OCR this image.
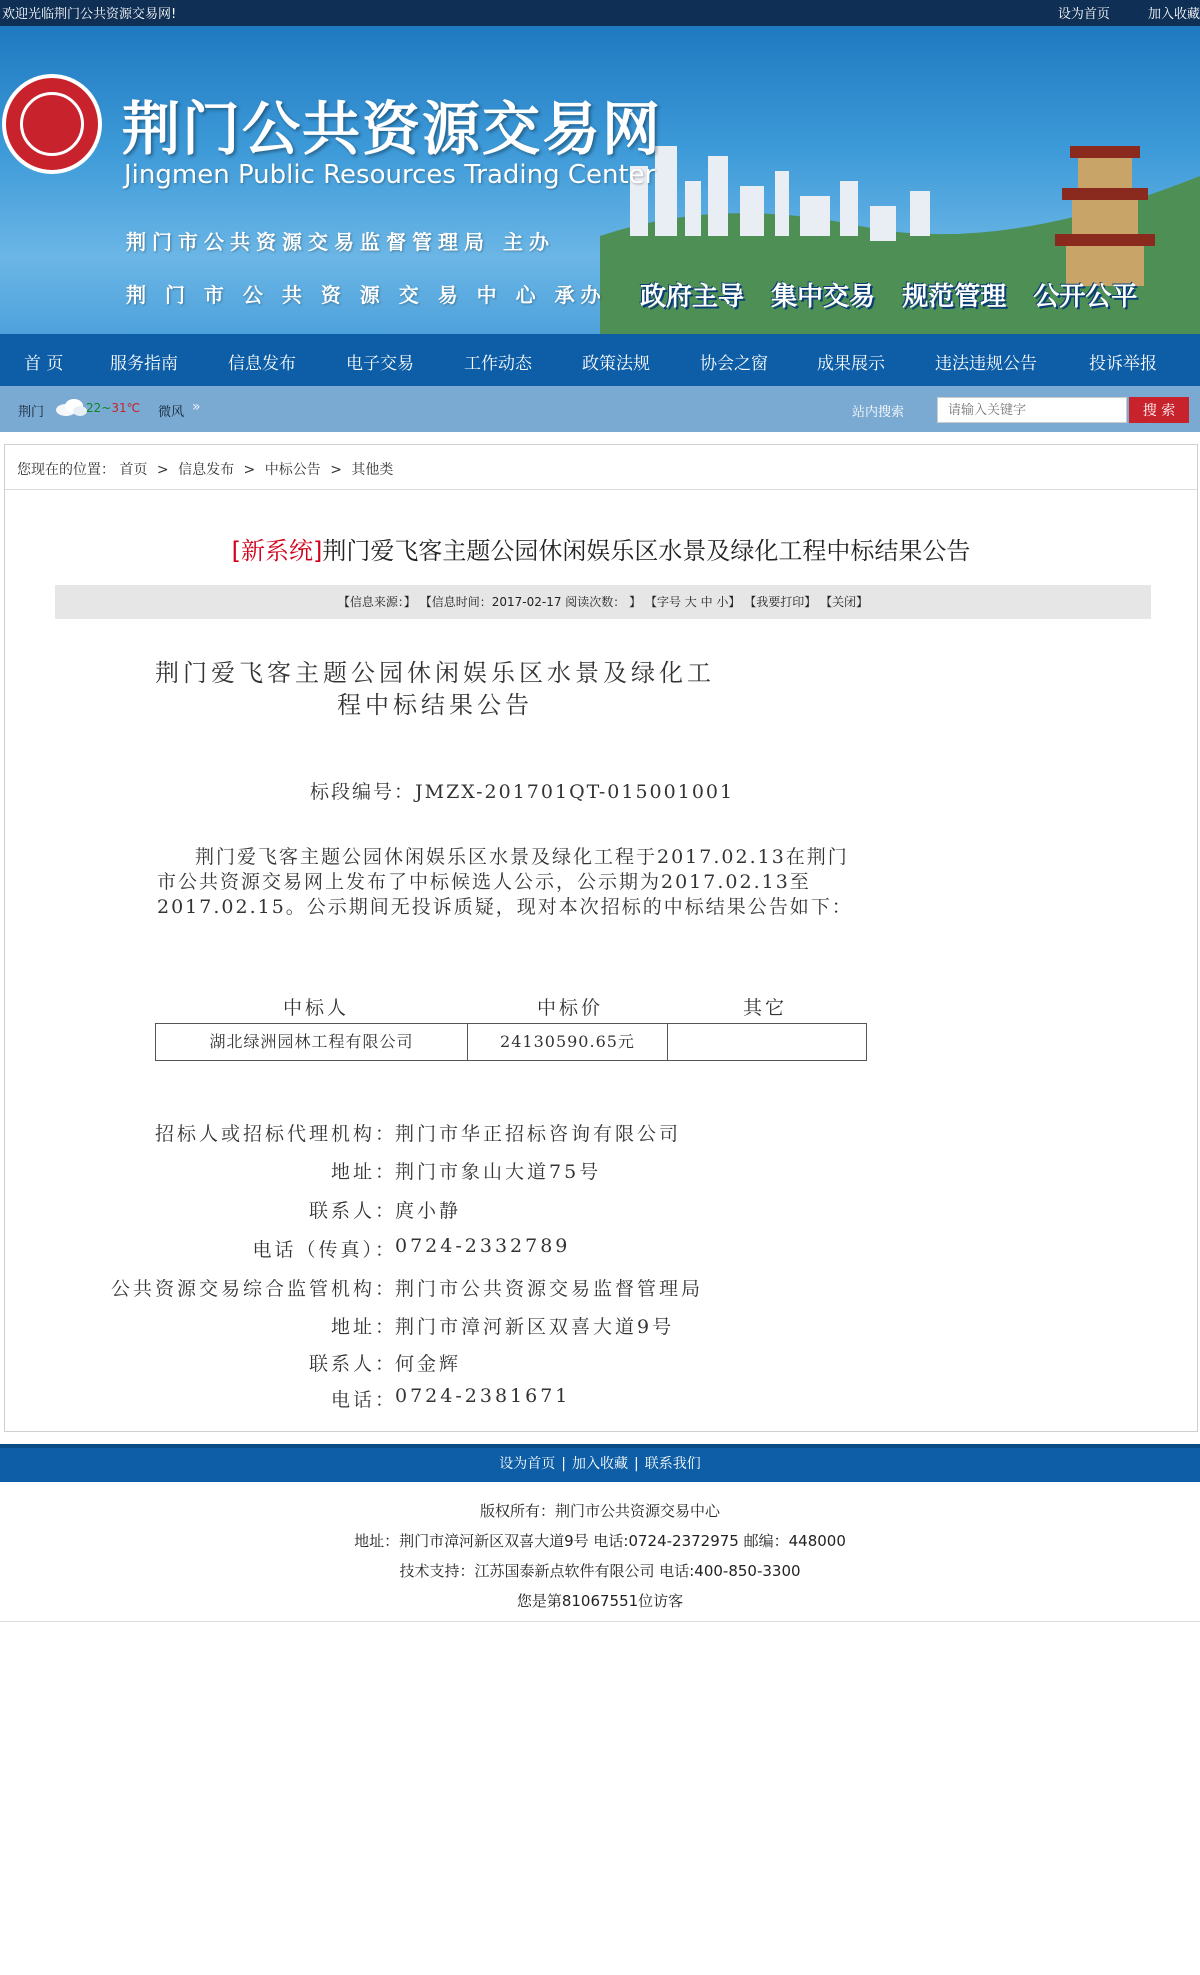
欢迎光临荆门公共资源交易网!	设为首页	加入收藏
荆门公共资源交易网
Jingmen Public Resources Trading Center
荆门市公共资源交易监督管理局 主办
荆 门 市 公 共 资 源 交 易 中 心 承办 政府主导 集中交易 规范管理 公开公平
首 页	服务指南	信息发布	电子交易	工作动态	政策法规	协会之窗	成果展示	违法违规公告	投诉举报
荆门	22~31℃ 微风 »	站内搜索
请输入关键字	搜 索
您现在的位置： 首页 > 信息发布 > 中标公告 > 其他类
[新系统]荆门爱飞客主题公园休闲娱乐区水景及绿化工程中标结果公告
【信息来源：】 【信息时间：2017-02-17 阅读次数： 】 【字号 大 中 小】 【我要打印】 【关闭】
荆门爱飞客主题公园休闲娱乐区水景及绿化工程中标结果公告
标段编号：JMZX-201701QT-015001001
荆门爱飞客主题公园休闲娱乐区水景及绿化工程于2017.02.13在荆门市公共资源交易网上发布了中标候选人公示，公示期为2017.02.13至2017.02.15。公示期间无投诉质疑，现对本次招标的中标结果公告如下：
中标人	中标价	其它
湖北绿洲园林工程有限公司	24130590.65元
招标人或招标代理机构：
荆门市华正招标咨询有限公司
地址：
荆门市象山大道75号
联系人：
庹小静
电话（传真）：
0724-2332789
公共资源交易综合监管机构：
荆门市公共资源交易监督管理局
地址：
荆门市漳河新区双喜大道9号
联系人：
何金辉
电话：
0724-2381671
设为首页 | 加入收藏 | 联系我们
版权所有：荆门市公共资源交易中心
地址：荆门市漳河新区双喜大道9号 电话:0724-2372975 邮编：448000
技术支持：江苏国泰新点软件有限公司 电话:400-850-3300
您是第81067551位访客
